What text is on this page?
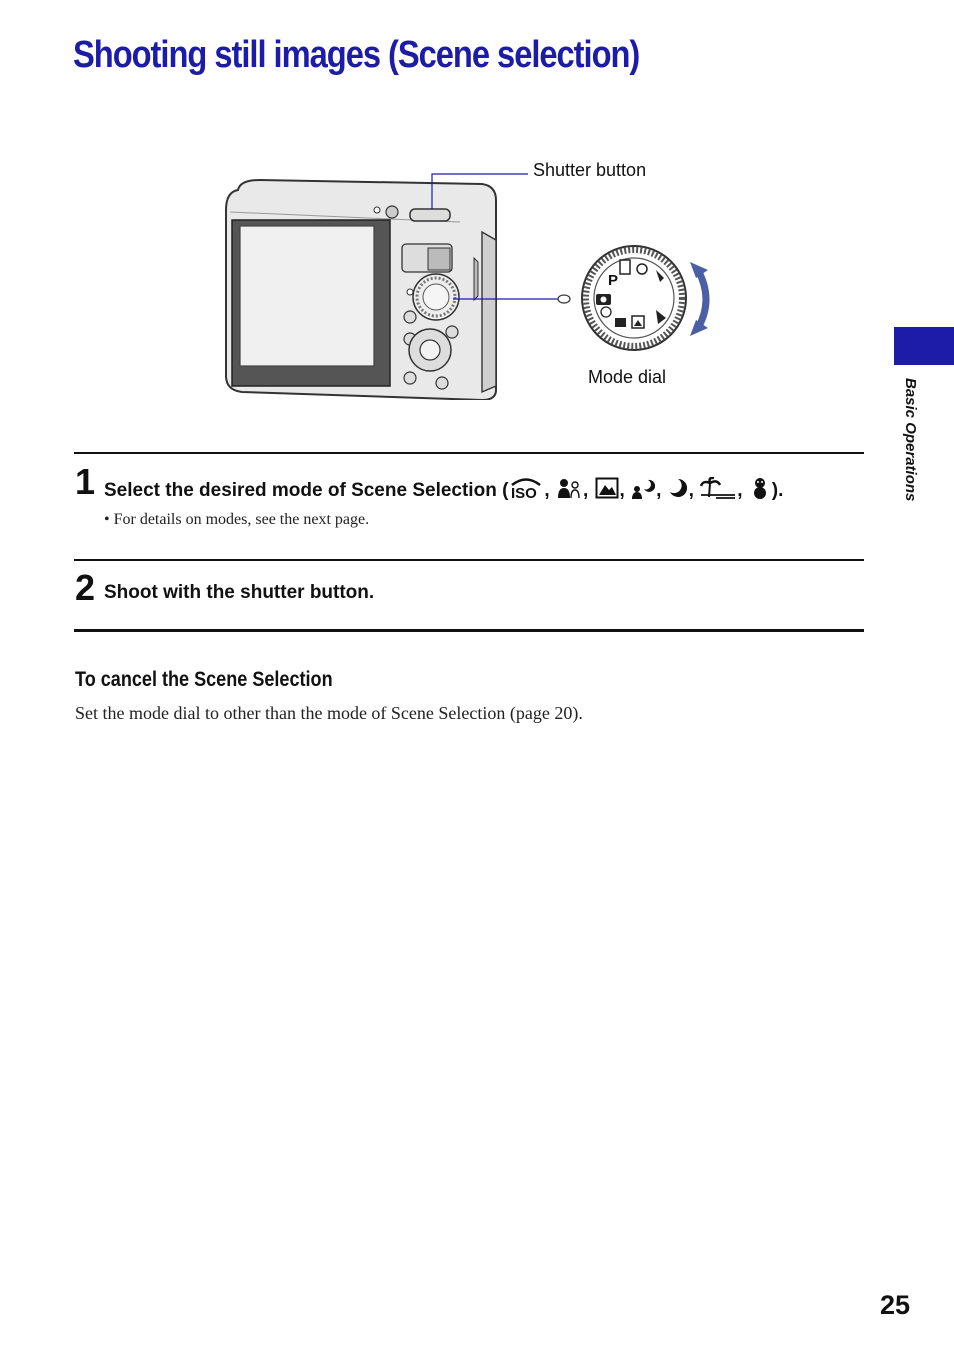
Shooting still images (Scene selection)
P
Shutter button
Mode dial
1 Select the desired mode of Scene Selection ( ISO , , , , , , ).
• For details on modes, see the next page.
2 Shoot with the shutter button.
To cancel the Scene Selection

Set the mode dial to other than the mode of Scene Selection (page 20).

Basic Operations
25
